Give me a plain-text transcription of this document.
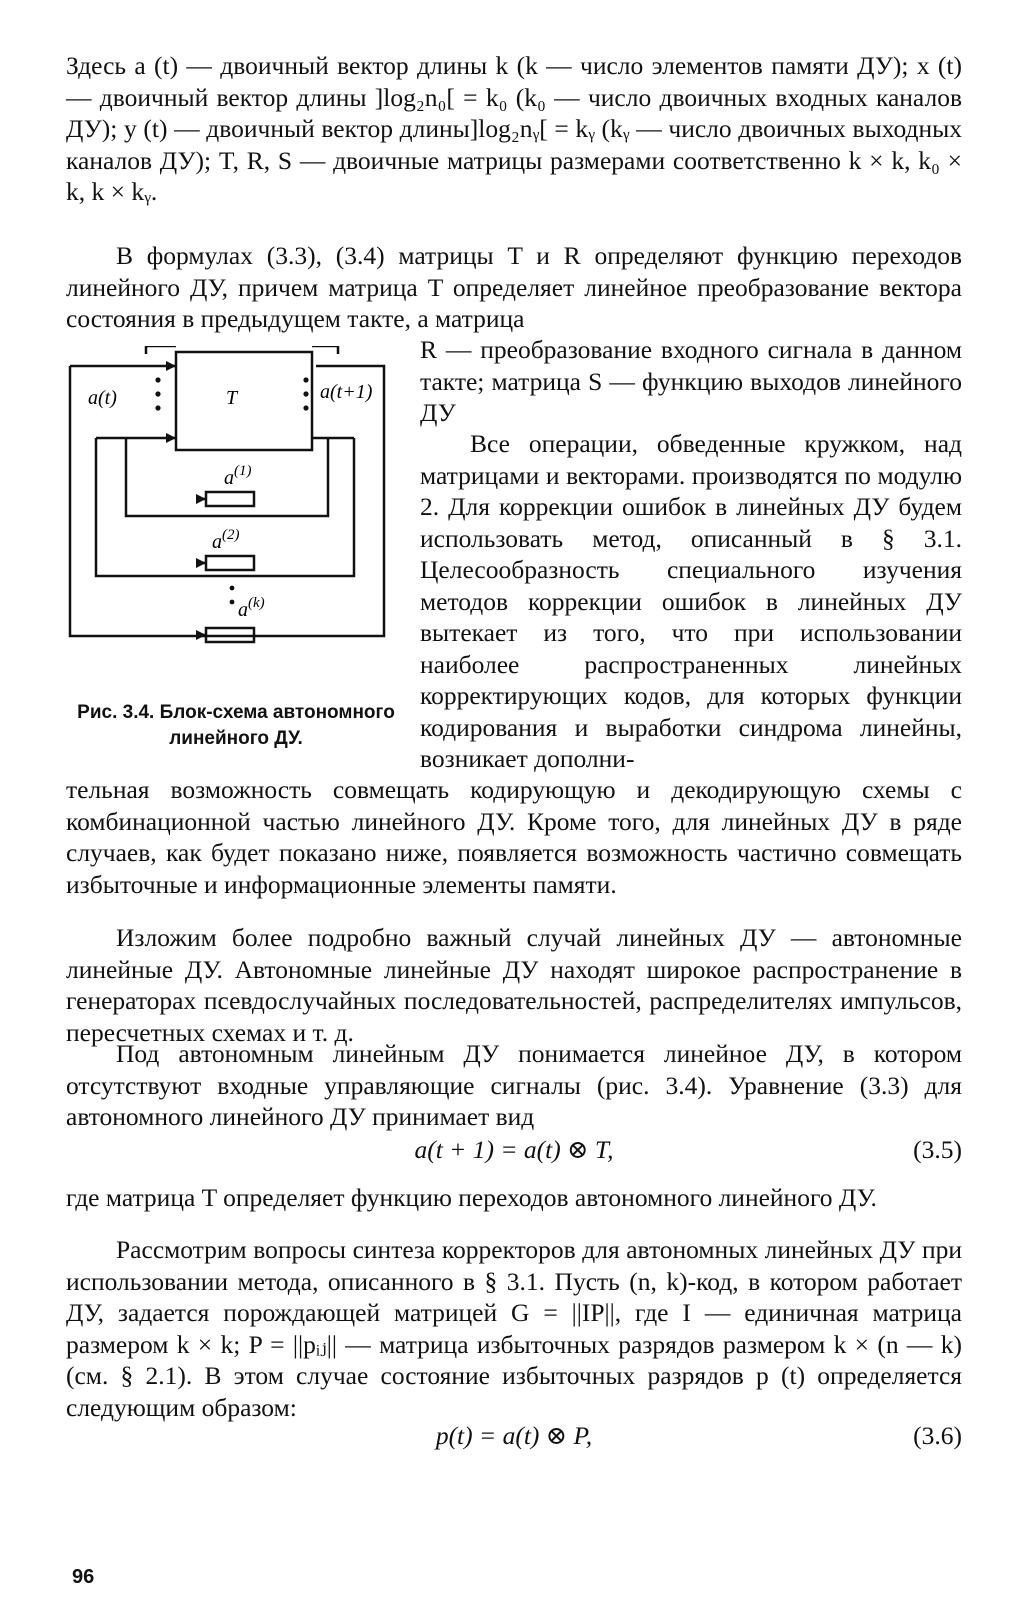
Здесь a (t) — двоичный вектор длины k (k — число элементов памяти ДУ); x (t) — двоичный вектор длины ]log₂n₀[ = k₀ (k₀ — число двоичных входных каналов ДУ); y (t) — двоичный вектор длины]log₂nᵧ[ = kᵧ (kᵧ — число двоичных выходных каналов ДУ); T, R, S — двоичные матрицы размерами соответственно k × k, k₀ × k, k × kᵧ.

В формулах (3.3), (3.4) матрицы T и R определяют функцию переходов линейного ДУ, причем матрица T определяет линейное преобразование вектора состояния в предыдущем такте, а матрица

R — преобразование входного сигнала в данном такте; матрица S — функцию выходов линейного ДУ

Все операции, обведенные кружком, над матрицами и векторами. производятся по модулю 2. Для коррекции ошибок в линейных ДУ будем использовать метод, описанный в § 3.1. Целесообразность специального изучения методов коррекции ошибок в линейных ДУ вытекает из того, что при использовании наиболее распространенных линейных корректирующих кодов, для которых функции кодирования и выработки синдрома линейны, возникает дополни-

тельная возможность совмещать кодирующую и декодирующую схемы с комбинационной частью линейного ДУ. Кроме того, для линейных ДУ в ряде случаев, как будет показано ниже, появляется возможность частично совмещать избыточные и информационные элементы памяти.

Изложим более подробно важный случай линейных ДУ — автономные линейные ДУ. Автономные линейные ДУ находят широкое распространение в генераторах псевдослучайных последовательностей, распределителях импульсов, пересчетных схемах и т. д.

Под автономным линейным ДУ понимается линейное ДУ, в котором отсутствуют входные управляющие сигналы (рис. 3.4). Уравнение (3.3) для автономного линейного ДУ принимает вид

a(t + 1) = a(t) ⊗ T,	(3.5)

где матрица T определяет функцию переходов автономного линейного ДУ.

Рассмотрим вопросы синтеза корректоров для автономных линейных ДУ при использовании метода, описанного в § 3.1. Пусть (n, k)-код, в котором работает ДУ, задается порождающей матрицей G = ||IP||, где I — единичная матрица размером k × k; P = ||pᵢⱼ|| — матрица избыточных разрядов размером k × (n — k) (см. § 2.1). В этом случае состояние избыточных разрядов p (t) определяется следующим образом:

p(t) = a(t) ⊗ P,	(3.6)
a(t)	a(t+1)
T
$a^{(1)}$
$a^{(2)}$
$a^{(k)}$
Рис. 3.4. Блок-схема автономного линейного ДУ.
96
